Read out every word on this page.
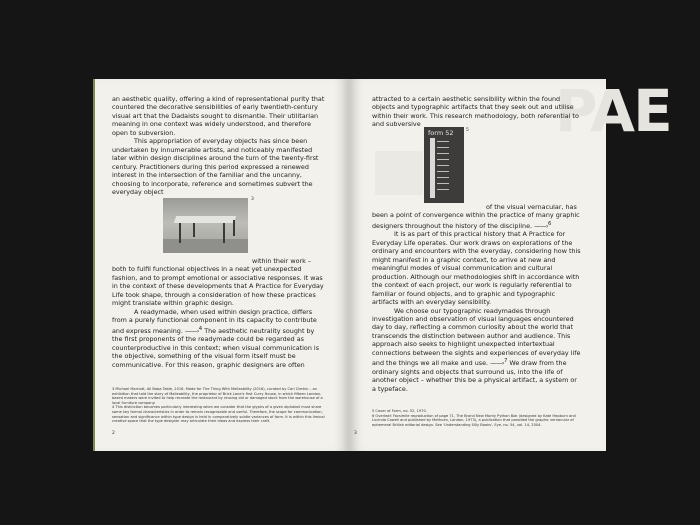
an aesthetic quality, offering a kind of representational purity that countered the decorative sensibilities of early twentieth-century visual art that the Dadaists sought to dismantle. Their utilitarian meaning in one context was widely understood, and therefore open to subversion.

This appropriation of everyday objects has since been undertaken by innumerable artists, and noticeably manifested later within design disciplines around the turn of the twenty-first century. Practitioners during this period expressed a renewed interest in the intersection of the familiar and the uncanny, choosing to incorporate, reference and sometimes subvert the everyday object

3

within their work – both to fulfil functional objectives in a neat yet unexpected fashion, and to prompt emotional or associative responses. It was in the context of these developments that A Practice for Everyday Life took shape, through a consideration of how these practices might translate within graphic design.

A readymade, when used within design practice, differs from a purely functional component in its capacity to contribute and express meaning. ——›$^4$ The aesthetic neutrality sought by the first proponents of the readymade could be regarded as counterproductive in this context; when visual communication is the objective, something of the visual form itself must be communicative. For this reason, graphic designers are often

3 Michael Marriott, Ali Baba Table, 2016. Made for The Thing With Malleability (2016), curated by Carl Clerkin – an exhibition that told the story of Malleability, the proprietor of Brick Lane's first Curry House, in which fifteen London-based makers were invited to help recreate the restaurant by reusing old or damaged stock from the warehouse of a local furniture company.

4 This distinction becomes particularly interesting when we consider that the glyphs of a given alphabet must share some key formal characteristics in order to remain recognisable and useful. Therefore, the scope for communication, sensation and significance within type design is held in comparatively subtle variances of form. It is within this liminal creative space that the type designer may articulate their ideas and express their craft.

2
PAE

attracted to a certain aesthetic sensibility within the found objects and typographic artifacts that they seek out and utilise within their work. This research methodology, both referential to and subversive

form 52	5

of the visual vernacular, has been a point of convergence within the practice of many graphic designers throughout the history of the discipline. ——›$^6$

It is as part of this practical history that A Practice for Everyday Life operates. Our work draws on explorations of the ordinary and encounters with the everyday, considering how this might manifest in a graphic context, to arrive at new and meaningful modes of visual communication and cultural production. Although our methodologies shift in accordance with the context of each project, our work is regularly referential to familiar or found objects, and to graphic and typographic artifacts with an everyday sensibility.

We choose our typographic readymades through investigation and observation of visual languages encountered day to day, reflecting a common curiosity about the world that transcends the distinction between author and audience. This approach also seeks to highlight unexpected intertextual connections between the sights and experiences of everyday life and the things we all make and use. ——›$^7$ We draw from the ordinary sights and objects that surround us, into the life of another object – whether this be a physical artifact, a system or a typeface.

5 Cover of Form, no. 52, 1970.

6 Overleaf: Facsimile reproduction of page 71, The Brand New Monty Python Bok (designed by Kate Hepburn and Lucinda Cowell and published by Methuen, London, 1973), a publication that parodied the graphic vernacular of ephemeral British editorial design. See 'Understanding Silly Books', Eye, no. 54, vol. 14, 2004.

3
